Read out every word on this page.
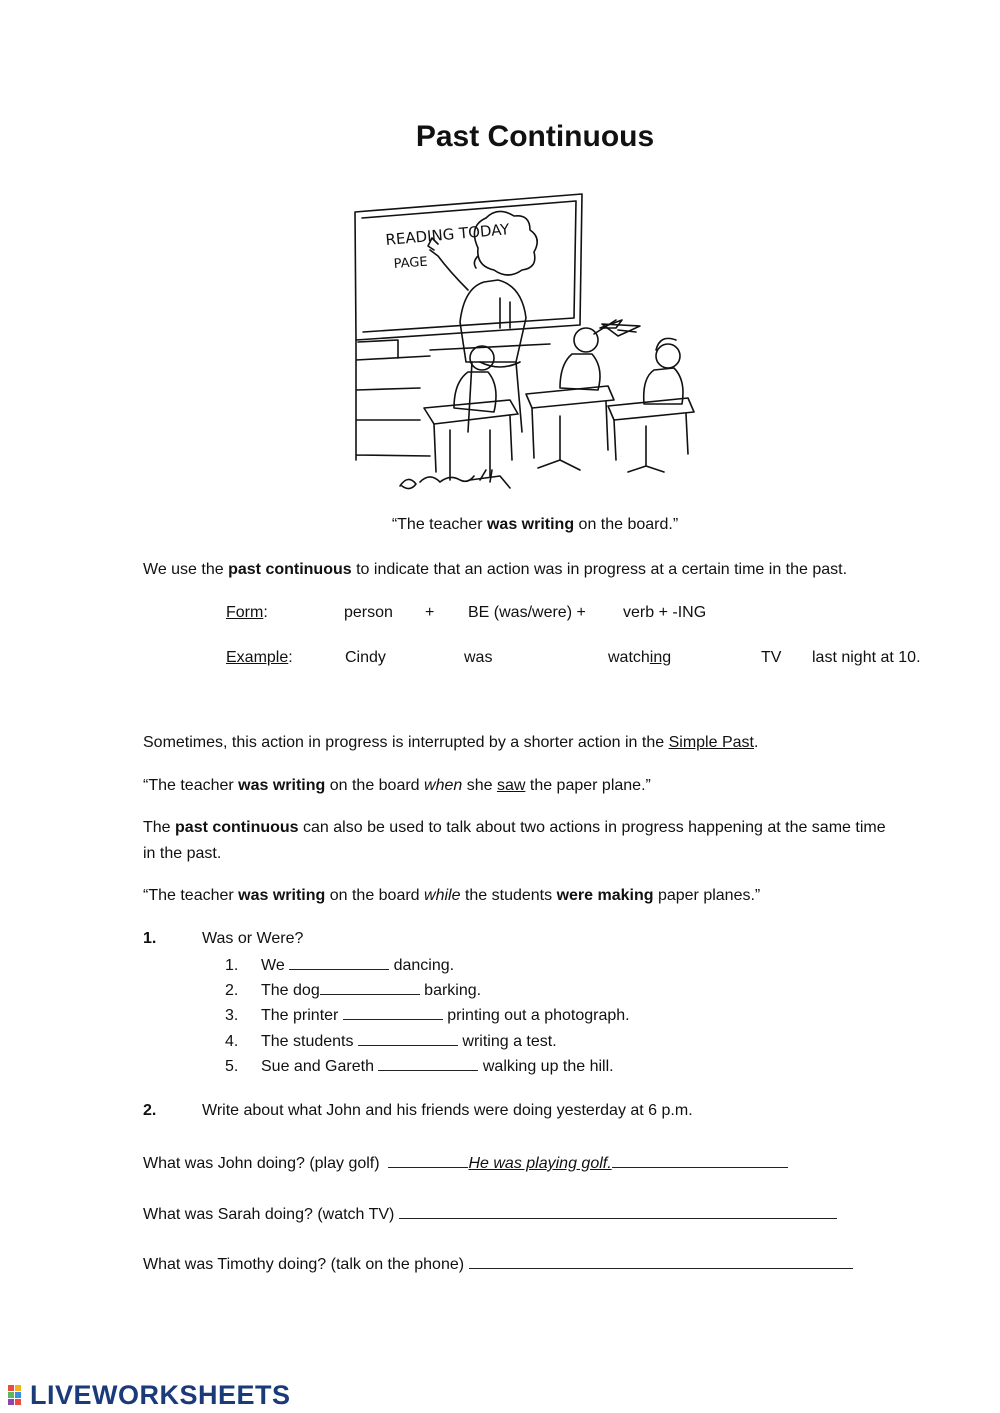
Past Continuous
READING TODAY
PAGE
“The teacher was writing on the board.”
We use the past continuous to indicate that an action was in progress at a certain time in the past.
Form:	person + BE (was/were) + verb + -ING
Example:	Cindy	was	watching	TV last night at 10.
Sometimes, this action in progress is interrupted by a shorter action in the Simple Past.
“The teacher was writing on the board when she saw the paper plane.”
The past continuous can also be used to talk about two actions in progress happening at the same time
in the past.
“The teacher was writing on the board while the students were making paper planes.”
1.	Was or Were?
1. We	dancing.
2. The dog	barking.
3. The printer	printing out a photograph.
4. The students	writing a test.
5. Sue and Gareth	walking up the hill.
2.	Write about what John and his friends were doing yesterday at 6 p.m.
What was John doing? (play golf)	He was playing golf.
What was Sarah doing? (watch TV)
What was Timothy doing? (talk on the phone)
LIVEWORKSHEETS
